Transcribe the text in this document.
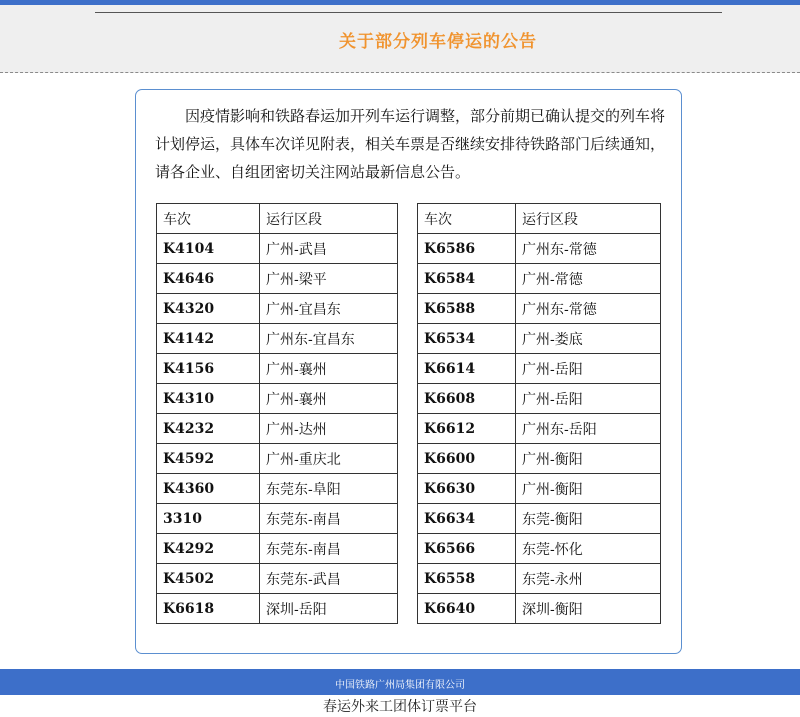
关于部分列车停运的公告

因疫情影响和铁路春运加开列车运行调整，部分前期已确认提交的列车将计划停运，具体车次详见附表，相关车票是否继续安排待铁路部门后续通知，请各企业、自组团密切关注网站最新信息公告。

车次	运行区段		车次	运行区段
K4104	广州-武昌		K6586	广州东-常德
K4646	广州-梁平		K6584	广州-常德
K4320	广州-宜昌东		K6588	广州东-常德
K4142	广州东-宜昌东		K6534	广州-娄底
K4156	广州-襄州		K6614	广州-岳阳
K4310	广州-襄州		K6608	广州-岳阳
K4232	广州-达州		K6612	广州东-岳阳
K4592	广州-重庆北		K6600	广州-衡阳
K4360	东莞东-阜阳		K6630	广州-衡阳
3310	东莞东-南昌		K6634	东莞-衡阳
K4292	东莞东-南昌		K6566	东莞-怀化
K4502	东莞东-武昌		K6558	东莞-永州
K6618	深圳-岳阳		K6640	深圳-衡阳
中国铁路广州局集团有限公司
春运外来工团体订票平台
